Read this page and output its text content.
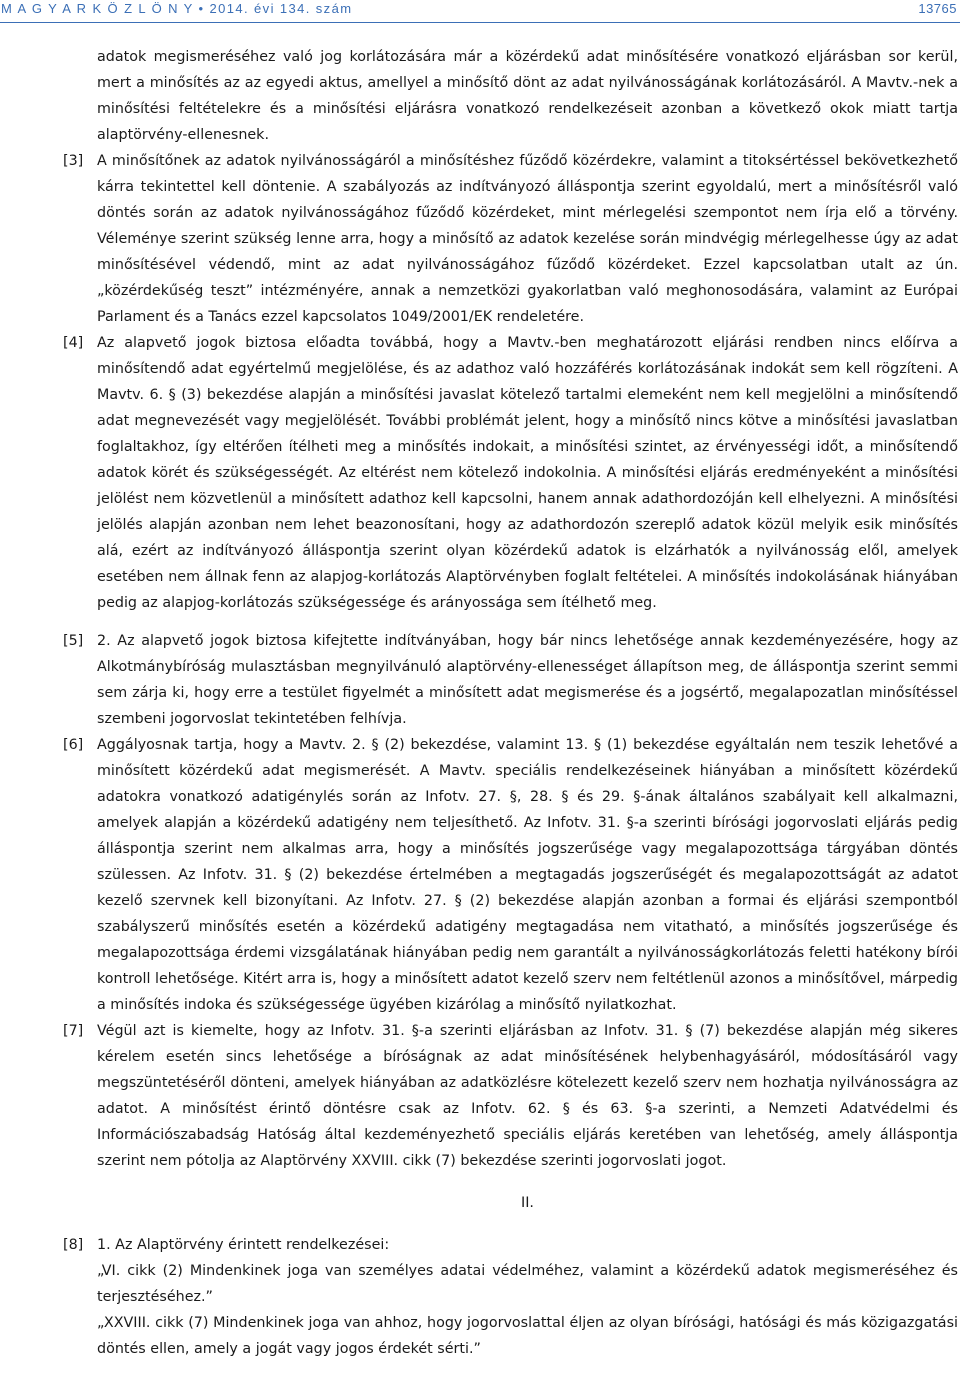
M A G Y A R K Ö Z L Ö N Y • 2014. évi 134. szám	13765
adatok megismeréséhez való jog korlátozására már a közérdekű adat minősítésére vonatkozó eljárásban sor kerül, mert a minősítés az az egyedi aktus, amellyel a minősítő dönt az adat nyilvánosságának korlátozásáról. A Mavtv.-nek a minősítési feltételekre és a minősítési eljárásra vonatkozó rendelkezéseit azonban a következő okok miatt tartja alaptörvény-ellenesnek.
[3] A minősítőnek az adatok nyilvánosságáról a minősítéshez fűződő közérdekre, valamint a titoksértéssel bekövetkezhető kárra tekintettel kell döntenie. A szabályozás az indítványozó álláspontja szerint egyoldalú, mert a minősítésről való döntés során az adatok nyilvánosságához fűződő közérdeket, mint mérlegelési szempontot nem írja elő a törvény. Véleménye szerint szükség lenne arra, hogy a minősítő az adatok kezelése során mindvégig mérlegelhesse úgy az adat minősítésével védendő, mint az adat nyilvánosságához fűződő közérdeket. Ezzel kapcsolatban utalt az ún. „közérdekűség teszt” intézményére, annak a nemzetközi gyakorlatban való meghonosodására, valamint az Európai Parlament és a Tanács ezzel kapcsolatos 1049/2001/EK rendeletére.
[4] Az alapvető jogok biztosa előadta továbbá, hogy a Mavtv.-ben meghatározott eljárási rendben nincs előírva a minősítendő adat egyértelmű megjelölése, és az adathoz való hozzáférés korlátozásának indokát sem kell rögzíteni. A Mavtv. 6. § (3) bekezdése alapján a minősítési javaslat kötelező tartalmi elemeként nem kell megjelölni a minősítendő adat megnevezését vagy megjelölését. További problémát jelent, hogy a minősítő nincs kötve a minősítési javaslatban foglaltakhoz, így eltérően ítélheti meg a minősítés indokait, a minősítési szintet, az érvényességi időt, a minősítendő adatok körét és szükségességét. Az eltérést nem kötelező indokolnia. A minősítési eljárás eredményeként a minősítési jelölést nem közvetlenül a minősített adathoz kell kapcsolni, hanem annak adathordozóján kell elhelyezni. A minősítési jelölés alapján azonban nem lehet beazonosítani, hogy az adathordozón szereplő adatok közül melyik esik minősítés alá, ezért az indítványozó álláspontja szerint olyan közérdekű adatok is elzárhatók a nyilvánosság elől, amelyek esetében nem állnak fenn az alapjog-korlátozás Alaptörvényben foglalt feltételei. A minősítés indokolásának hiányában pedig az alapjog-korlátozás szükségessége és arányossága sem ítélhető meg.
[5] 2. Az alapvető jogok biztosa kifejtette indítványában, hogy bár nincs lehetősége annak kezdeményezésére, hogy az Alkotmánybíróság mulasztásban megnyilvánuló alaptörvény-ellenességet állapítson meg, de álláspontja szerint semmi sem zárja ki, hogy erre a testület figyelmét a minősített adat megismerése és a jogsértő, megalapozatlan minősítéssel szembeni jogorvoslat tekintetében felhívja.
[6] Aggályosnak tartja, hogy a Mavtv. 2. § (2) bekezdése, valamint 13. § (1) bekezdése egyáltalán nem teszik lehetővé a minősített közérdekű adat megismerését. A Mavtv. speciális rendelkezéseinek hiányában a minősített közérdekű adatokra vonatkozó adatigénylés során az Infotv. 27. §, 28. § és 29. §-ának általános szabályait kell alkalmazni, amelyek alapján a közérdekű adatigény nem teljesíthető. Az Infotv. 31. §-a szerinti bírósági jogorvoslati eljárás pedig álláspontja szerint nem alkalmas arra, hogy a minősítés jogszerűsége vagy megalapozottsága tárgyában döntés szülessen. Az Infotv. 31. § (2) bekezdése értelmében a megtagadás jogszerűségét és megalapozottságát az adatot kezelő szervnek kell bizonyítani. Az Infotv. 27. § (2) bekezdése alapján azonban a formai és eljárási szempontból szabályszerű minősítés esetén a közérdekű adatigény megtagadása nem vitatható, a minősítés jogszerűsége és megalapozottsága érdemi vizsgálatának hiányában pedig nem garantált a nyilvánosságkorlátozás feletti hatékony bírói kontroll lehetősége. Kitért arra is, hogy a minősített adatot kezelő szerv nem feltétlenül azonos a minősítővel, márpedig a minősítés indoka és szükségessége ügyében kizárólag a minősítő nyilatkozhat.
[7] Végül azt is kiemelte, hogy az Infotv. 31. §-a szerinti eljárásban az Infotv. 31. § (7) bekezdése alapján még sikeres kérelem esetén sincs lehetősége a bíróságnak az adat minősítésének helybenhagyásáról, módosításáról vagy megszüntetéséről dönteni, amelyek hiányában az adatközlésre kötelezett kezelő szerv nem hozhatja nyilvánosságra az adatot. A minősítést érintő döntésre csak az Infotv. 62. § és 63. §-a szerinti, a Nemzeti Adatvédelmi és Információszabadság Hatóság által kezdeményezhető speciális eljárás keretében van lehetőség, amely álláspontja szerint nem pótolja az Alaptörvény XXVIII. cikk (7) bekezdése szerinti jogorvoslati jogot.
II.
[8] 1. Az Alaptörvény érintett rendelkezései:
„VI. cikk (2) Mindenkinek joga van személyes adatai védelméhez, valamint a közérdekű adatok megismeréséhez és terjesztéséhez.”
„XXVIII. cikk (7) Mindenkinek joga van ahhoz, hogy jogorvoslattal éljen az olyan bírósági, hatósági és más közigazgatási döntés ellen, amely a jogát vagy jogos érdekét sérti.”
